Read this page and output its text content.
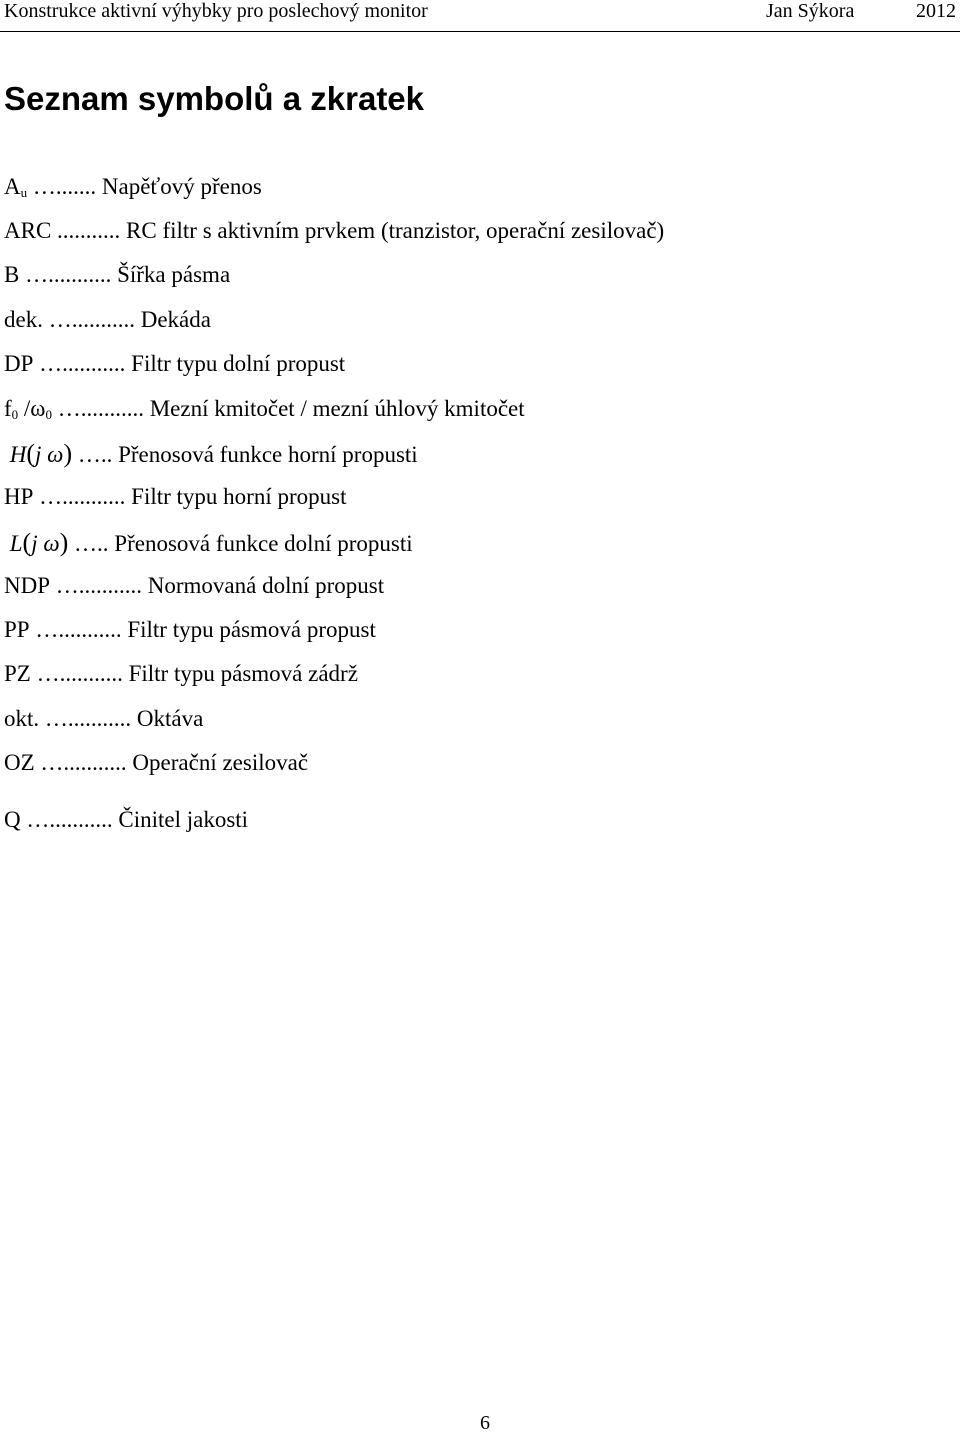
Konstrukce aktivní výhybky pro poslechový monitor	Jan Sýkora	2012
Seznam symbolů a zkratek
$A_u$ …....... Napěťový přenos
ARC ........... RC filtr s aktivním prvkem (tranzistor, operační zesilovač)
B …........... Šířka pásma
dek. …........... Dekáda
DP …........... Filtr typu dolní propust
$f_0$ $/\omega_0$ …........... Mezní kmitočet / mezní úhlový kmitočet
H(j ω) ….. Přenosová funkce horní propusti
HP …........... Filtr typu horní propust
L(j ω) ….. Přenosová funkce dolní propusti
NDP …........... Normovaná dolní propust
PP …........... Filtr typu pásmová propust
PZ …........... Filtr typu pásmová zádrž
okt. …........... Oktáva
OZ …........... Operační zesilovač
Q …........... Činitel jakosti
6
